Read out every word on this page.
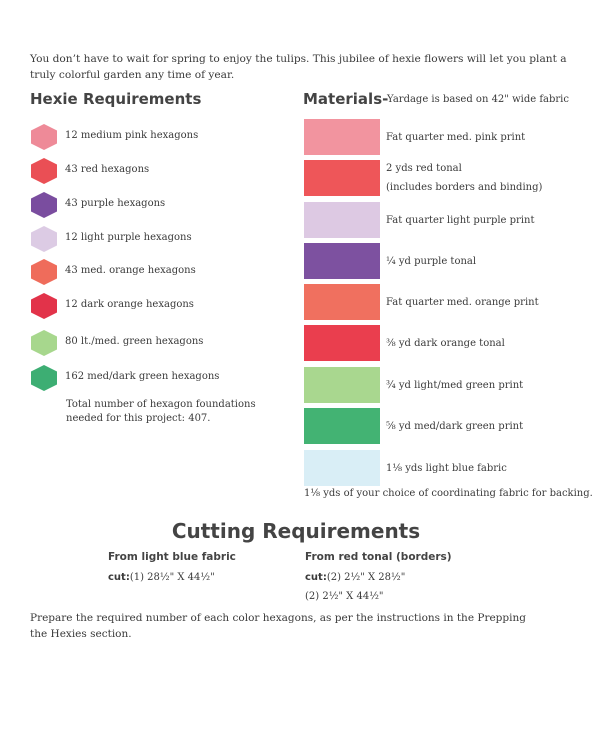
You don’t have to wait for spring to enjoy the tulips. This jubilee of hexie flowers will let you plant a truly colorful garden any time of year.
Hexie Requirements	Materials-
Yardage is based on 42" wide fabric
12 medium pink hexagons
43 red hexagons
43 purple hexagons
12 light purple hexagons
43 med. orange hexagons
12 dark orange hexagons
80 lt./med. green hexagons
162 med/dark green hexagons
Total number of hexagon foundations needed for this project: 407.
Fat quarter med. pink print
2 yds red tonal
(includes borders and binding)
Fat quarter light purple print
¼ yd purple tonal
Fat quarter med. orange print
⅜ yd dark orange tonal
¾ yd light/med green print
⅝ yd med/dark green print
1⅛ yds light blue fabric
1⅛ yds of your choice of coordinating fabric for backing.
Cutting Requirements
From light blue fabric
cut:(1) 28½" X 44½"
From red tonal (borders)
cut:(2) 2½" X 28½"
(2) 2½" X 44½"
Prepare the required number of each color hexagons, as per the instructions in the Prepping the Hexies section.
